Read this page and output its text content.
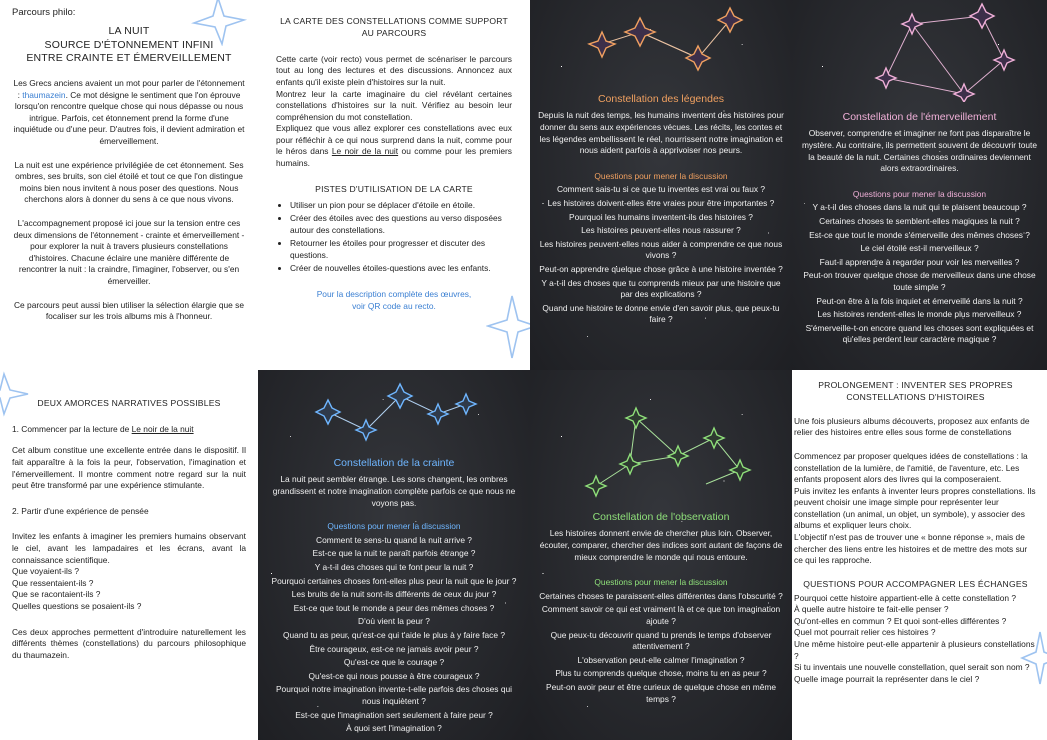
Parcours philo:
LA NUIT
SOURCE D'ÉTONNEMENT INFINI
ENTRE CRAINTE ET ÉMERVEILLEMENT

Les Grecs anciens avaient un mot pour parler de l'étonnement : thaumazein. Ce mot désigne le sentiment que l'on éprouve lorsqu'on rencontre quelque chose qui nous dépasse ou nous intrigue. Parfois, cet étonnement prend la forme d'une inquiétude ou d'une peur. D'autres fois, il devient admiration et émerveillement.

La nuit est une expérience privilégiée de cet étonnement. Ses ombres, ses bruits, son ciel étoilé et tout ce que l'on distingue moins bien nous invitent à nous poser des questions. Nous cherchons alors à donner du sens à ce que nous vivons.

L'accompagnement proposé ici joue sur la tension entre ces deux dimensions de l'étonnement - crainte et émerveillement - pour explorer la nuit à travers plusieurs constellations d'histoires. Chacune éclaire une manière différente de rencontrer la nuit : la craindre, l'imaginer, l'observer, ou s'en émerveiller.

Ce parcours peut aussi bien utiliser la sélection élargie que se focaliser sur les trois albums mis à l'honneur.

LA CARTE DES CONSTELLATIONS COMME SUPPORT
AU PARCOURS
Cette carte (voir recto) vous permet de scénariser le parcours tout au long des lectures et des discussions. Annoncez aux enfants qu'il existe plein d'histoires sur la nuit.
Montrez leur la carte imaginaire du ciel révélant certaines constellations d'histoires sur la nuit. Vérifiez au besoin leur compréhension du mot constellation.
Expliquez que vous allez explorer ces constellations avec eux pour réfléchir à ce qui nous surprend dans la nuit, comme pour le héros dans Le noir de la nuit ou comme pour les premiers humains.
PISTES D'UTILISATION DE LA CARTE
• Utiliser un pion pour se déplacer d'étoile en étoile.
• Créer des étoiles avec des questions au verso disposées autour des constellations.
• Retourner les étoiles pour progresser et discuter des questions.
• Créer de nouvelles étoiles-questions avec les enfants.
Pour la description complète des œuvres,
voir QR code au recto.
Constellation des légendes
Depuis la nuit des temps, les humains inventent des histoires pour donner du sens aux expériences vécues. Les récits, les contes et les légendes embellissent le réel, nourrissent notre imagination et nous aident parfois à apprivoiser nos peurs.
Questions pour mener la discussion
Comment sais-tu si ce que tu inventes est vrai ou faux ?
Les histoires doivent-elles être vraies pour être importantes ?
Pourquoi les humains inventent-ils des histoires ?
Les histoires peuvent-elles nous rassurer ?
Les histoires peuvent-elles nous aider à comprendre ce que nous vivons ?
Peut-on apprendre quelque chose grâce à une histoire inventée ?
Y a-t-il des choses que tu comprends mieux par une histoire que par des explications ?
Quand une histoire te donne envie d'en savoir plus, que peux-tu faire ?
Constellation de l'émerveillement
Observer, comprendre et imaginer ne font pas disparaître le mystère. Au contraire, ils permettent souvent de découvrir toute la beauté de la nuit. Certaines choses ordinaires deviennent alors extraordinaires.
Questions pour mener la discussion
Y a-t-il des choses dans la nuit qui te plaisent beaucoup ?
Certaines choses te semblent-elles magiques la nuit ?
Est-ce que tout le monde s'émerveille des mêmes choses ?
Le ciel étoilé est-il merveilleux ?
Faut-il apprendre à regarder pour voir les merveilles ?
Peut-on trouver quelque chose de merveilleux dans une chose toute simple ?
Peut-on être à la fois inquiet et émerveillé dans la nuit ?
Les histoires rendent-elles le monde plus merveilleux ?
S'émerveille-t-on encore quand les choses sont expliquées et qu'elles perdent leur caractère magique ?
DEUX AMORCES NARRATIVES POSSIBLES
1. Commencer par la lecture de Le noir de la nuit

Cet album constitue une excellente entrée dans le dispositif. Il fait apparaître à la fois la peur, l'observation, l'imagination et l'émerveillement. Il montre comment notre regard sur la nuit peut être transformé par une expérience stimulante.

2. Partir d'une expérience de pensée
Invitez les enfants à imaginer les premiers humains observant le ciel, avant les lampadaires et les écrans, avant la connaissance scientifique.
Que voyaient-ils ?
Que ressentaient-ils ?
Que se racontaient-ils ?
Quelles questions se posaient-ils ?

Ces deux approches permettent d'introduire naturellement les différents thèmes (constellations) du parcours philosophique du thaumazein.

Constellation de la crainte
La nuit peut sembler étrange. Les sons changent, les ombres grandissent et notre imagination complète parfois ce que nous ne voyons pas.
Questions pour mener la discussion
Comment te sens-tu quand la nuit arrive ?
Est-ce que la nuit te paraît parfois étrange ?
Y a-t-il des choses qui te font peur la nuit ?
Pourquoi certaines choses font-elles plus peur la nuit que le jour ?
Les bruits de la nuit sont-ils différents de ceux du jour ?
Est-ce que tout le monde a peur des mêmes choses ?
D'où vient la peur ?
Quand tu as peur, qu'est-ce qui t'aide le plus à y faire face ?
Être courageux, est-ce ne jamais avoir peur ?
Qu'est-ce que le courage ?
Qu'est-ce qui nous pousse à être courageux ?
Pourquoi notre imagination invente-t-elle parfois des choses qui nous inquiètent ?
Est-ce que l'imagination sert seulement à faire peur ?
À quoi sert l'imagination ?
Constellation de l'observation
Les histoires donnent envie de chercher plus loin. Observer, écouter, comparer, chercher des indices sont autant de façons de mieux comprendre le monde qui nous entoure.
Questions pour mener la discussion
Certaines choses te paraissent-elles différentes dans l'obscurité ?
Comment savoir ce qui est vraiment là et ce que ton imagination ajoute ?
Que peux-tu découvrir quand tu prends le temps d'observer attentivement ?
L'observation peut-elle calmer l'imagination ?
Plus tu comprends quelque chose, moins tu en as peur ?
Peut-on avoir peur et être curieux de quelque chose en même temps ?
PROLONGEMENT : INVENTER SES PROPRES
CONSTELLATIONS D'HISTOIRES

Une fois plusieurs albums découverts, proposez aux enfants de relier des histoires entre elles sous forme de constellations

Commencez par proposer quelques idées de constellations : la constellation de la lumière, de l'amitié, de l'aventure, etc. Les enfants proposent alors des livres qui la composeraient.
Puis invitez les enfants à inventer leurs propres constellations. Ils peuvent choisir une image simple pour représenter leur constellation (un animal, un objet, un symbole), y associer des albums et expliquer leurs choix.
L'objectif n'est pas de trouver une « bonne réponse », mais de chercher des liens entre les histoires et de mettre des mots sur ce qui les rapproche.
QUESTIONS POUR ACCOMPAGNER LES ÉCHANGES
Pourquoi cette histoire appartient-elle à cette constellation ?
À quelle autre histoire te fait-elle penser ?
Qu'ont-elles en commun ? Et quoi sont-elles différentes ?
Quel mot pourrait relier ces histoires ?
Une même histoire peut-elle appartenir à plusieurs constellations ?
Si tu inventais une nouvelle constellation, quel serait son nom ?
Quelle image pourrait la représenter dans le ciel ?
